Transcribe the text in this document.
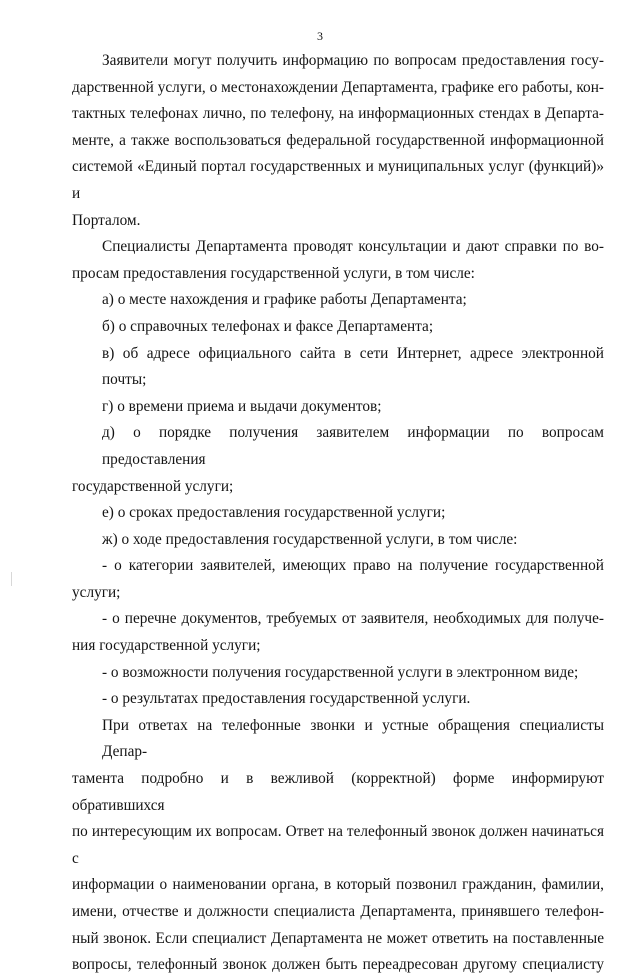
3

Заявители могут получить информацию по вопросам предоставления госу-

дарственной услуги, о местонахождении Департамента, графике его работы, кон-

тактных телефонах лично, по телефону, на информационных стендах в Департа-

менте, а также воспользоваться федеральной государственной информационной

системой «Единый портал государственных и муниципальных услуг (функций)» и

Порталом.

Специалисты Департамента проводят консультации и дают справки по во-

просам предоставления государственной услуги, в том числе:

а) о месте нахождения и графике работы Департамента;

б) о справочных телефонах и факсе Департамента;

в) об адресе официального сайта в сети Интернет, адресе электронной почты;

г) о времени приема и выдачи документов;

д) о порядке получения заявителем информации по вопросам предоставления

государственной услуги;

е) о сроках предоставления государственной услуги;

ж) о ходе предоставления государственной услуги, в том числе:

- о категории заявителей, имеющих право на получение государственной

услуги;

- о перечне документов, требуемых от заявителя, необходимых для получе-

ния государственной услуги;

- о возможности получения государственной услуги в электронном виде;

- о результатах предоставления государственной услуги.

При ответах на телефонные звонки и устные обращения специалисты Депар-

тамента подробно и в вежливой (корректной) форме информируют обратившихся

по интересующим их вопросам. Ответ на телефонный звонок должен начинаться с

информации о наименовании органа, в который позвонил гражданин, фамилии,

имени, отчестве и должности специалиста Департамента, принявшего телефон-

ный звонок. Если специалист Департамента не может ответить на поставленные

вопросы, телефонный звонок должен быть переадресован другому специалисту
